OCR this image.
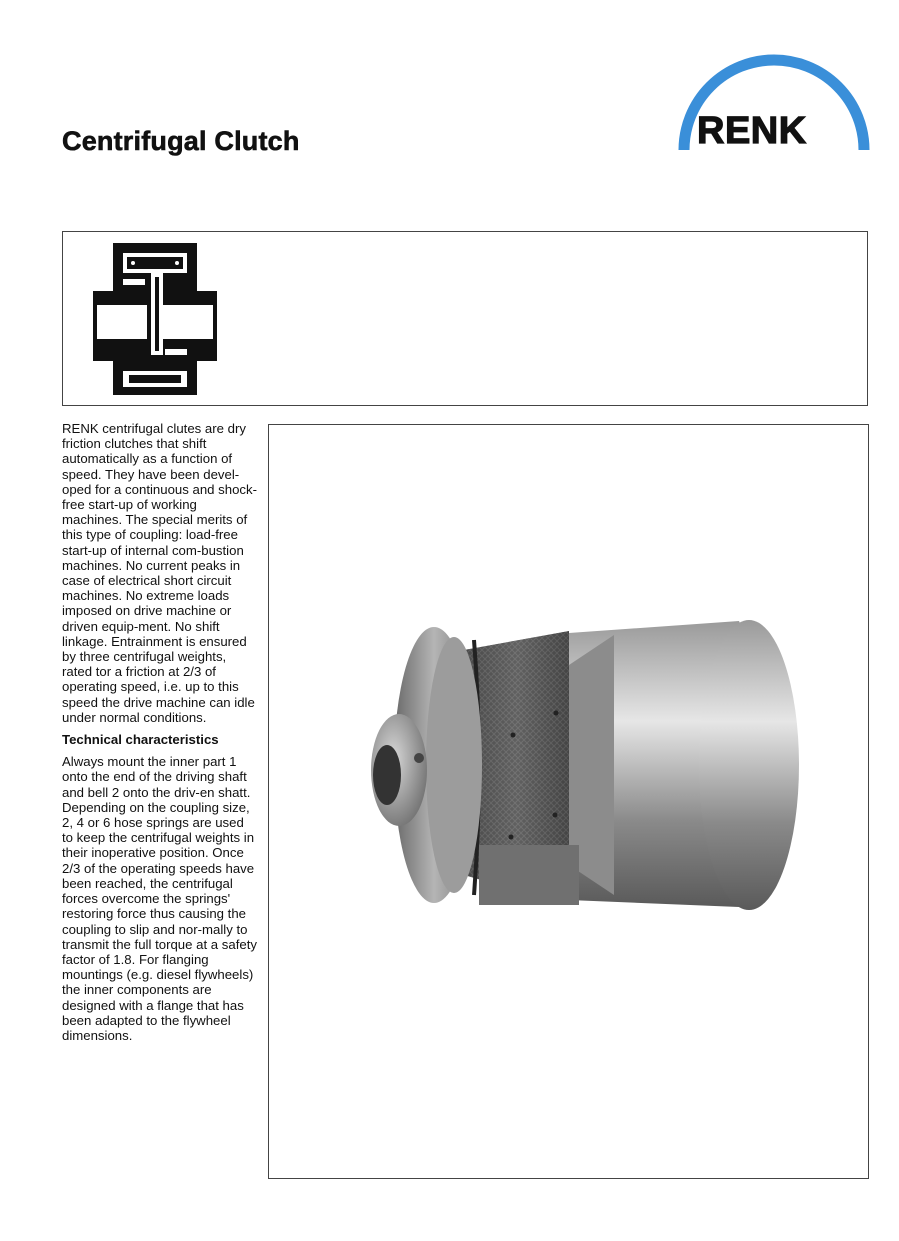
Centrifugal Clutch	RENK

RENK centrifugal clutes are dry friction clutches that shift automatically as a function of speed. They have been devel-oped for a continuous and shock-free start-up of working machines. The special merits of this type of coupling: load-free start-up of internal com-bustion machines. No current peaks in case of electrical short circuit machines. No extreme loads imposed on drive machine or driven equip-ment. No shift linkage. Entrainment is ensured by three centrifugal weights, rated tor a friction at 2/3 of operating speed, i.e. up to this speed the drive machine can idle under normal conditions.

Technical characteristics

Always mount the inner part 1 onto the end of the driving shaft and bell 2 onto the driv-en shatt. Depending on the coupling size, 2, 4 or 6 hose springs are used to keep the centrifugal weights in their inoperative position. Once 2/3 of the operating speeds have been reached, the centrifugal forces overcome the springs' restoring force thus causing the coupling to slip and nor-mally to transmit the full torque at a safety factor of 1.8. For flanging mountings (e.g. diesel flywheels) the inner components are designed with a flange that has been adapted to the flywheel dimensions.
